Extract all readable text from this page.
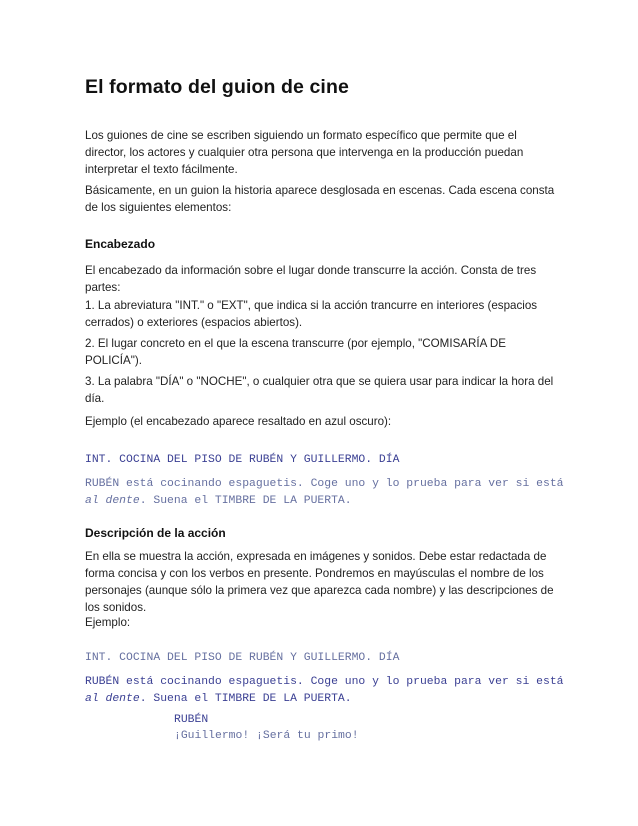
El formato del guion de cine

Los guiones de cine se escriben siguiendo un formato específico que permite que el director, los actores y cualquier otra persona que intervenga en la producción puedan interpretar el texto fácilmente.

Básicamente, en un guion la historia aparece desglosada en escenas. Cada escena consta de los siguientes elementos:

Encabezado

El encabezado da información sobre el lugar donde transcurre la acción. Consta de tres partes:

1. La abreviatura "INT." o "EXT", que indica si la acción trancurre en interiores (espacios cerrados) o exteriores (espacios abiertos).

2. El lugar concreto en el que la escena transcurre (por ejemplo, "COMISARÍA DE POLICÍA").

3. La palabra "DÍA" o "NOCHE", o cualquier otra que se quiera usar para indicar la hora del día.

Ejemplo (el encabezado aparece resaltado en azul oscuro):

INT. COCINA DEL PISO DE RUBÉN Y GUILLERMO. DÍA

RUBÉN está cocinando espaguetis. Coge uno y lo prueba para ver si está al dente. Suena el TIMBRE DE LA PUERTA.

Descripción de la acción

En ella se muestra la acción, expresada en imágenes y sonidos. Debe estar redactada de forma concisa y con los verbos en presente. Pondremos en mayúsculas el nombre de los personajes (aunque sólo la primera vez que aparezca cada nombre) y las descripciones de los sonidos.

Ejemplo:

INT. COCINA DEL PISO DE RUBÉN Y GUILLERMO. DÍA

RUBÉN está cocinando espaguetis. Coge uno y lo prueba para ver si está al dente. Suena el TIMBRE DE LA PUERTA.

RUBÉN

¡Guillermo! ¡Será tu primo!
